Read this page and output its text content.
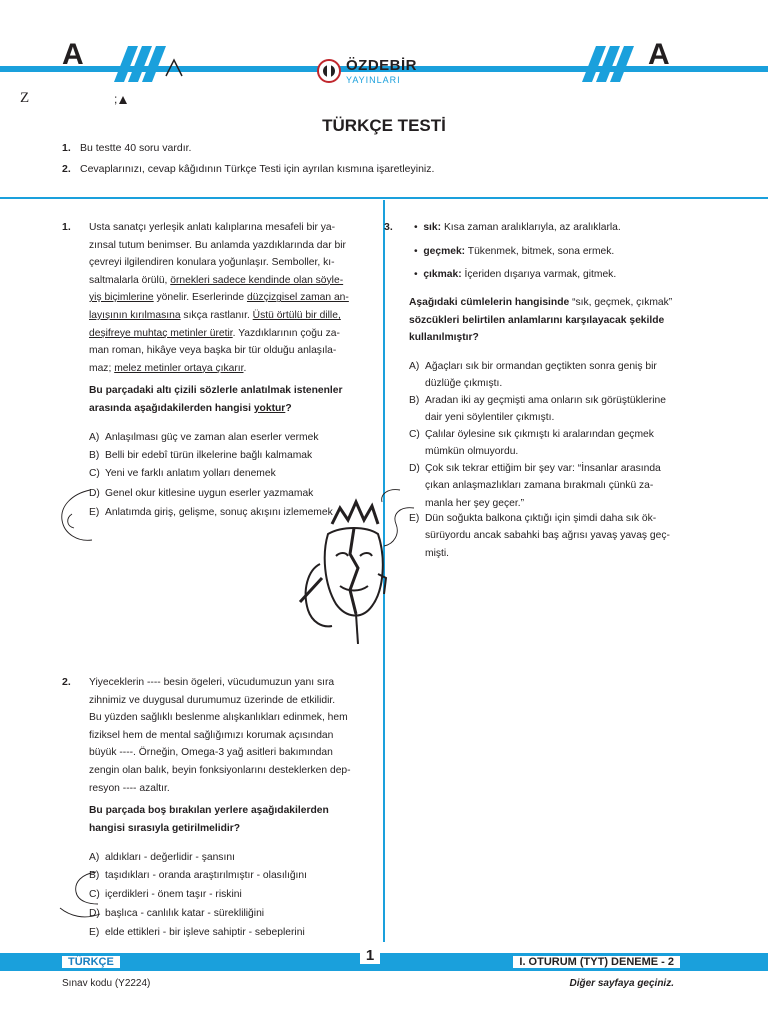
A	A
ÖZDEBİR
YAYINLARI
Z	;
TÜRKÇE TESTİ
1. Bu testte 40 soru vardır.
2. Cevaplarınızı, cevap kâğıdının Türkçe Testi için ayrılan kısmına işaretleyiniz.
1. Usta sanatçı yerleşik anlatı kalıplarına mesafeli bir ya-
zınsal tutum benimser. Bu anlamda yazdıklarında dar bir
çevreyi ilgilendiren konulara yoğunlaşır. Semboller, kı-
saltmalarla örülü, örnekleri sadece kendinde olan söyle-
yiş biçimlerine yönelir. Eserlerinde düzçizgisel zaman an-
layışının kırılmasına sıkça rastlanır. Üstü örtülü bir dille,
deşifreye muhtaç metinler üretir. Yazdıklarının çoğu za-
man roman, hikâye veya başka bir tür olduğu anlaşıla-
maz; melez metinler ortaya çıkarır.
Bu parçadaki altı çizili sözlerle anlatılmak istenenler
arasında aşağıdakilerden hangisi yoktur?
A) Anlaşılması güç ve zaman alan eserler vermek
B) Belli bir edebî türün ilkelerine bağlı kalmamak
C) Yeni ve farklı anlatım yolları denemek
D) Genel okur kitlesine uygun eserler yazmamak
E) Anlatımda giriş, gelişme, sonuç akışını izlememek
2. Yiyeceklerin ---- besin ögeleri, vücudumuzun yanı sıra
zihnimiz ve duygusal durumumuz üzerinde de etkilidir.
Bu yüzden sağlıklı beslenme alışkanlıkları edinmek, hem
fiziksel hem de mental sağlığımızı korumak açısından
büyük ----. Örneğin, Omega-3 yağ asitleri bakımından
zengin olan balık, beyin fonksiyonlarını desteklerken dep-
resyon ---- azaltır.
Bu parçada boş bırakılan yerlere aşağıdakilerden
hangisi sırasıyla getirilmelidir?
A) aldıkları - değerlidir - şansını
B) taşıdıkları - oranda araştırılmıştır - olasılığını
C) içerdikleri - önem taşır - riskini
D) başlıca - canlılık katar - sürekliliğini
E) elde ettikleri - bir işleve sahiptir - sebeplerini
3. •  sık: Kısa zaman aralıklarıyla, az aralıklarla.
•  geçmek: Tükenmek, bitmek, sona ermek.
•  çıkmak: İçeriden dışarıya varmak, gitmek.
Aşağıdaki cümlelerin hangisinde “sık, geçmek, çıkmak”
sözcükleri belirtilen anlamlarını karşılayacak şekilde
kullanılmıştır?
A) Ağaçları sık bir ormandan geçtikten sonra geniş bir
düzlüğe çıkmıştı.
B) Aradan iki ay geçmişti ama onların sık görüştüklerine
dair yeni söylentiler çıkmıştı.
C) Çalılar öylesine sık çıkmıştı ki aralarından geçmek
mümkün olmuyordu.
D) Çok sık tekrar ettiğim bir şey var: “İnsanlar arasında
çıkan anlaşmazlıkları zamana bırakmalı çünkü za-
manla her şey geçer.”
E) Dün soğukta balkona çıktığı için şimdi daha sık ök-
sürüyordu ancak sabahki baş ağrısı yavaş yavaş geç-
mişti.
TÜRKÇE	1	I. OTURUM (TYT) DENEME - 2
Sınav kodu (Y2224)	Diğer sayfaya geçiniz.
